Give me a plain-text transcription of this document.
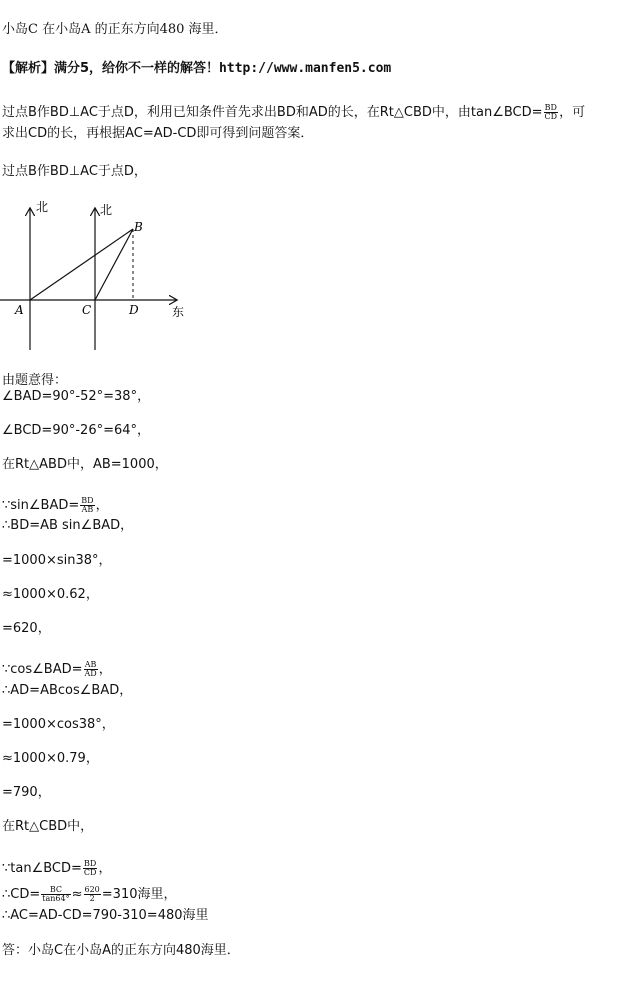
小岛C 在小岛A 的正东方向480 海里．
【解析】满分5，给你不一样的解答！http://www.manfen5.com
过点B作BD⊥AC于点D，利用已知条件首先求出BD和AD的长，在Rt△CBD中，由tan∠BCD= $\frac{BD}{CD}$ ，可
求出CD的长，再根据AC=AD-CD即可得到问题答案．
过点B作BD⊥AC于点D，
北	北
B
A	C	D	东
由题意得：
∠BAD=90°-52°=38°，
∠BCD=90°-26°=64°，
在Rt△ABD中，AB=1000，
∵sin∠BAD= $\frac{BD}{AB}$ ，
∴BD=AB sin∠BAD，
=1000×sin38°，
≈1000×0.62，
=620，
∵cos∠BAD= $\frac{AB}{AD}$ ，
∴AD=ABcos∠BAD，
=1000×cos38°，
≈1000×0.79，
=790，
在Rt△CBD中，
∵tan∠BCD= $\frac{BD}{CD}$ ，
∴CD= $\frac{BC}{\tan 64^\circ} \approx \frac{620}{2} =310$海里，
∴AC=AD-CD=790-310=480海里
答：小岛C在小岛A的正东方向480海里．
